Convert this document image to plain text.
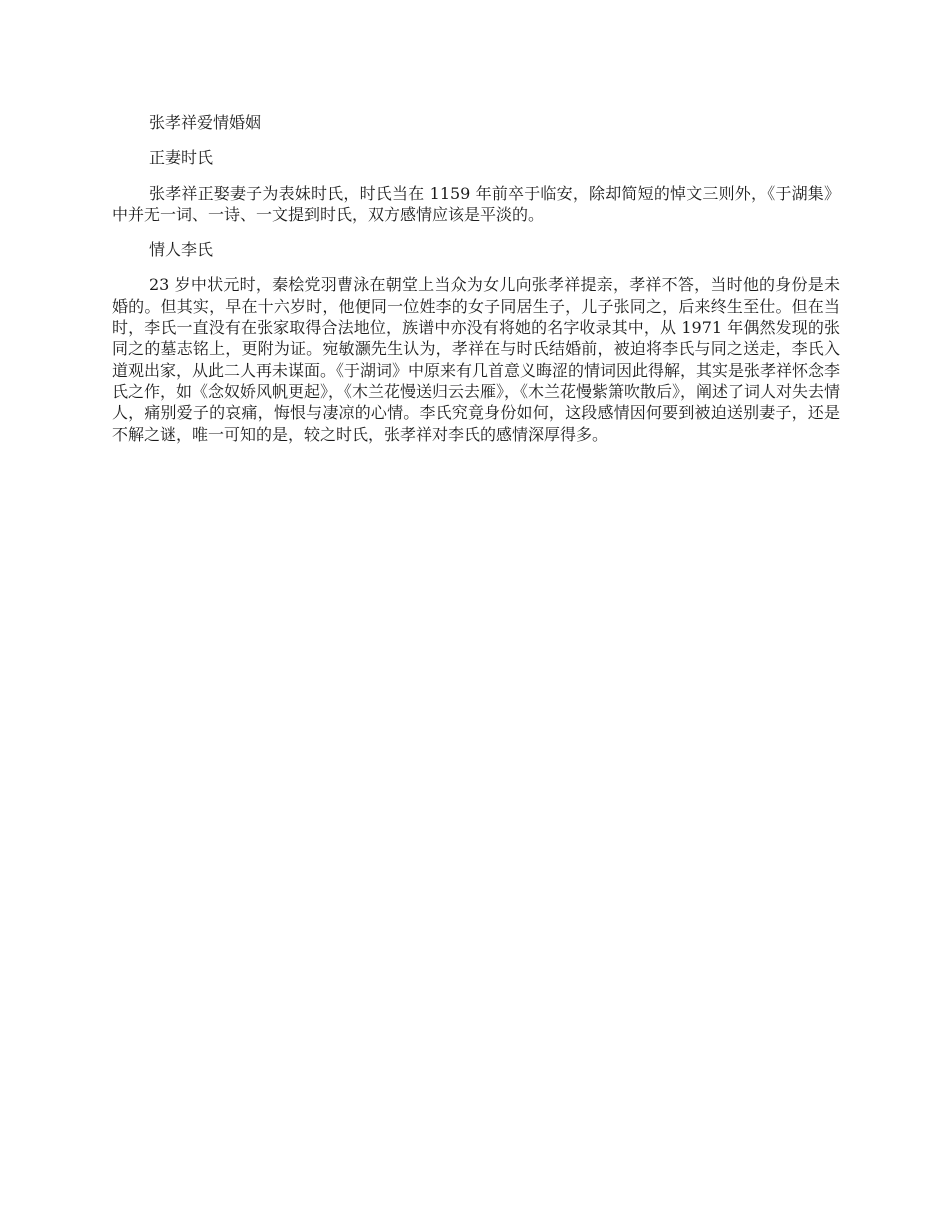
张孝祥爱情婚姻

正妻时氏

张孝祥正娶妻子为表妹时氏，时氏当在 1159 年前卒于临安，除却简短的悼文三则外，《于湖集》中并无一词、一诗、一文提到时氏，双方感情应该是平淡的。

情人李氏

23 岁中状元时，秦桧党羽曹泳在朝堂上当众为女儿向张孝祥提亲，孝祥不答，当时他的身份是未婚的。但其实，早在十六岁时，他便同一位姓李的女子同居生子，儿子张同之，后来终生至仕。但在当时，李氏一直没有在张家取得合法地位，族谱中亦没有将她的名字收录其中，从 1971 年偶然发现的张同之的墓志铭上，更附为证。宛敏灏先生认为，孝祥在与时氏结婚前，被迫将李氏与同之送走，李氏入道观出家，从此二人再未谋面。《于湖词》中原来有几首意义晦涩的情词因此得解，其实是张孝祥怀念李氏之作，如《念奴娇风帆更起》，《木兰花慢送归云去雁》，《木兰花慢紫箫吹散后》，阐述了词人对失去情人，痛别爱子的哀痛，悔恨与凄凉的心情。李氏究竟身份如何，这段感情因何要到被迫送别妻子，还是不解之谜，唯一可知的是，较之时氏，张孝祥对李氏的感情深厚得多。
